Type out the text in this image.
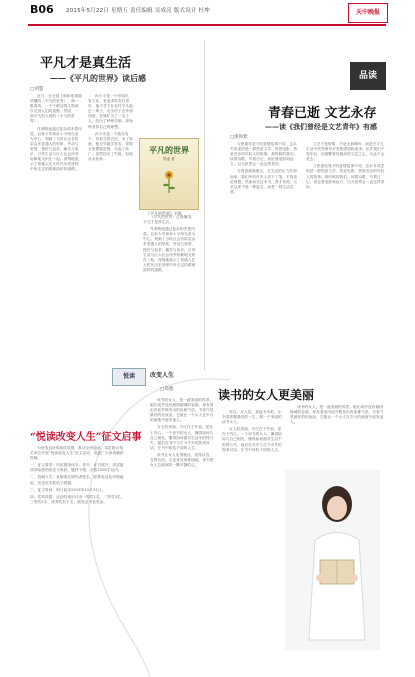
B06 2015年5月22日 星期五 责任编辑 吴成亮 版式设计 杜坤	天中晚报
品读
平凡才是真生活
——《平凡的世界》读后感
□刘慧

近日，在全国上映和电视剧热播的《平凡的世界》，像一股春风，一个个鲜活的人物再次走进人们的视野。然而，一部平凡的人间的《平凡的世界》。

作者路遥通过复杂的矛盾纠葛，以孙少安和孙少平两兄弟为中心，刻画了当时社会各阶层众多普通人的形象，劳动与爱情，挫折与追求，痛苦与欢乐，日常生活与巨大社会冲突纷繁地交织在一起，深刻地展示了普通人在大时代历史进程中所走过的艰难曲折的道路。

孙少平是一个有知识、有文化、有追求的农村青年，他不甘于在农村平凡地过一辈子，走出村子去外面闯荡，在煤矿当了一名工人，经历了种种苦难，却始终坚持自己的理想。

孙少安是一个踏实肯干、有担当的农民，为了家庭，他早早辍学务农，带领全家摆脱贫困，办起了砖厂，虽然经历了失败，但他从未放弃。

《平凡的世界》让我懂得，平凡才是真生活。

作者路遥通过复杂的矛盾纠葛，以孙少安和孙少平两兄弟为中心，刻画了当时社会各阶层众多普通人的形象，劳动与爱情，挫折与追求，痛苦与欢乐，日常生活与巨大社会冲突纷繁地交织在一起，深刻地展示了普通人在大时代历史进程中所走过的艰难曲折的道路。

平凡的世界
路遥 著
《平凡的世界》书影
青春已逝 文艺永存
——读《我们曾经是文艺青年》有感
□康和紫

与张嘉佳笔下的爱情故事不同，这本书讲述的是一群热爱文学、热爱电影、热爱音乐的年轻人的故事。那时候的我们，读着诗歌，写着日记，谈论着电影和远方，以为世界会一直这样美好。

当青春渐渐逝去，当生活的压力扑面而来，我们中的许多人放下了笔，不再谈论理想。然而读完这本书，我才发现，文艺从来不是一种姿态，而是一种生活态度。

文艺不是矫情，不是无病呻吟，而是在平凡生活中依然保有对美的感知和追求。也许我们不再年轻，但那颗曾经跳动的文艺之心，永远不会老去。

与张嘉佳笔下的爱情故事不同，这本书讲述的是一群热爱文学、热爱电影、热爱音乐的年轻人的故事。那时候的我们，读着诗歌，写着日记，谈论着电影和远方，以为世界会一直这样美好。

悦读	改变人生
“悦读改变人生”征文启事

为营造良好的阅读氛围，推动全民阅读，本报联合相关单位开展“悦读改变人生”征文活动，欢迎广大读者踊跃投稿。

一、征文要求：内容围绕读书、荐书、评书展开，讲述阅读带给您的改变与收获，题材不限，字数1500字以内。

二、投稿方式：来稿请注明作者姓名、联系电话及详细地址，发送至本报电子邮箱。

三、征文时间：即日起至2015年12月31日。

四、奖项设置：活动结束后评出一等奖1名、二等奖3名、三等奖5名、优秀奖若干名，颁发证书及奖品。

读书的女人更美丽
□郑燕

读书的女人，是一道美丽的风景。她们或许没有倾国倾城的容貌，却有着由内而外散发出的优雅气质。书卷气是最好的化妆品，它能让一个女人在岁月的流逝中愈发迷人。

女人的美丽，不仅在于外表，更在于内心。一个读书的女人，懂得如何与自己相处，懂得如何面对生活中的得与失。她们在书中与古今中外的智者对话，在书中体验不同的人生。

读书让女人变得豁达，变得从容，变得自信。无论身处何种境地，读书的女人总能保持一颗平静的心。

所以，女人们，拿起书本吧，让书香伴随我们的一生，做一个美丽的读书女人。

女人的美丽，不仅在于外表，更在于内心。一个读书的女人，懂得如何与自己相处，懂得如何面对生活中的得与失。她们在书中与古今中外的智者对话，在书中体验不同的人生。

读书的女人，是一道美丽的风景。她们或许没有倾国倾城的容貌，却有着由内而外散发出的优雅气质。书卷气是最好的化妆品，它能让一个女人在岁月的流逝中愈发迷人。
